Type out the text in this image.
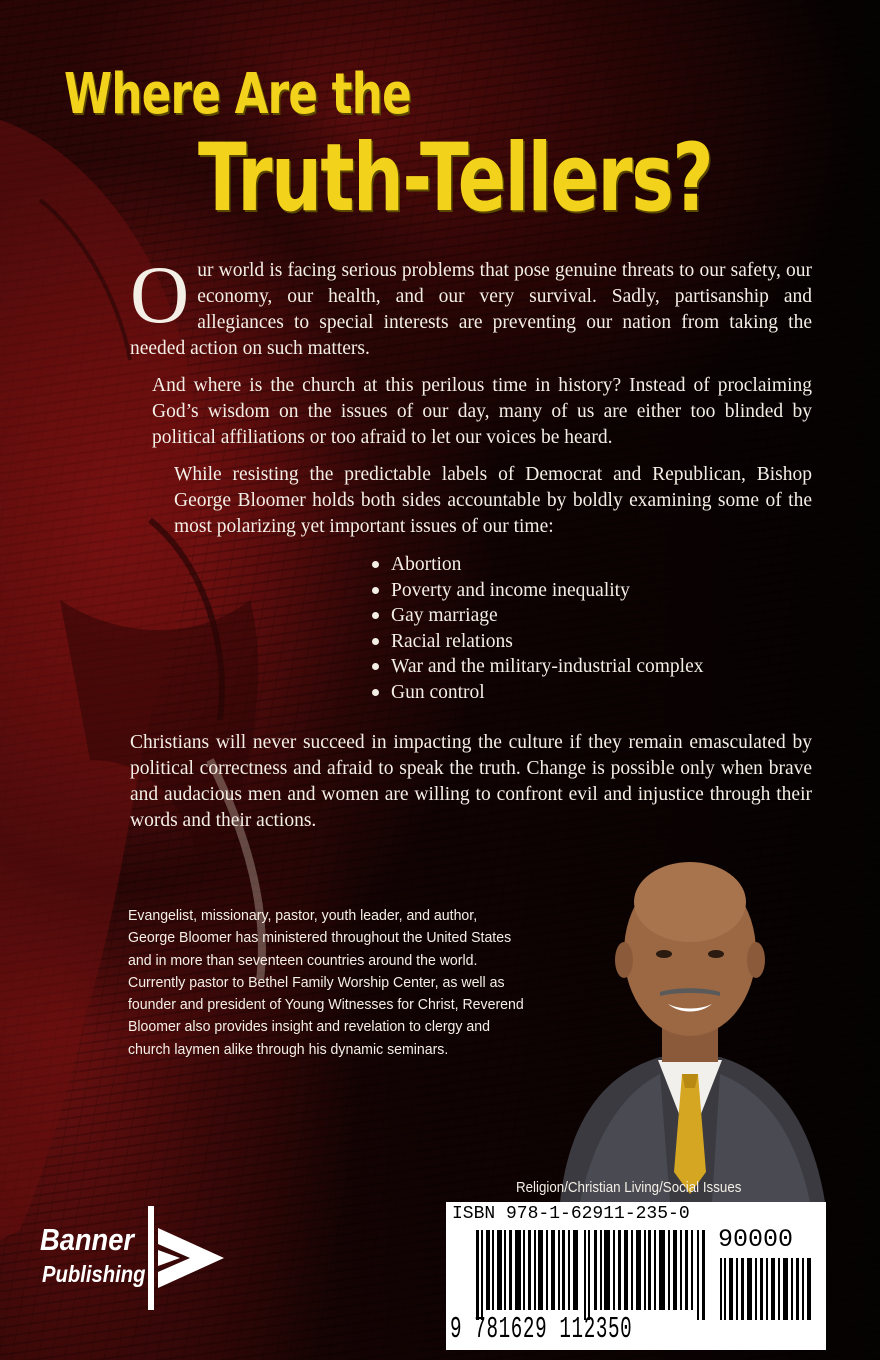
Where Are the
Truth-Tellers?

Our world is facing serious problems that pose genuine threats to our safety, our economy, our health, and our very survival. Sadly, partisanship and allegiances to special interests are preventing our nation from taking the needed action on such matters.

And where is the church at this perilous time in history? Instead of proclaiming God’s wisdom on the issues of our day, many of us are either too blinded by political affiliations or too afraid to let our voices be heard.

While resisting the predictable labels of Democrat and Republican, Bishop George Bloomer holds both sides accountable by boldly examining some of the most polarizing yet important issues of our time:

Abortion
Poverty and income inequality
Gay marriage
Racial relations
War and the military-industrial complex
Gun control

Christians will never succeed in impacting the culture if they remain emasculated by political correctness and afraid to speak the truth. Change is possible only when brave and audacious men and women are willing to confront evil and injustice through their words and their actions.

Evangelist, missionary, pastor, youth leader, and author, George Bloomer has ministered throughout the United States and in more than seventeen countries around the world. Currently pastor to Bethel Family Worship Center, as well as founder and president of Young Witnesses for Christ, Reverend Bloomer also provides insight and revelation to clergy and church laymen alike through his dynamic seminars.

Religion/Christian Living/Social Issues

ISBN 978-1-62911-235-0

90000

9 781629 112350

Banner

Publishing
